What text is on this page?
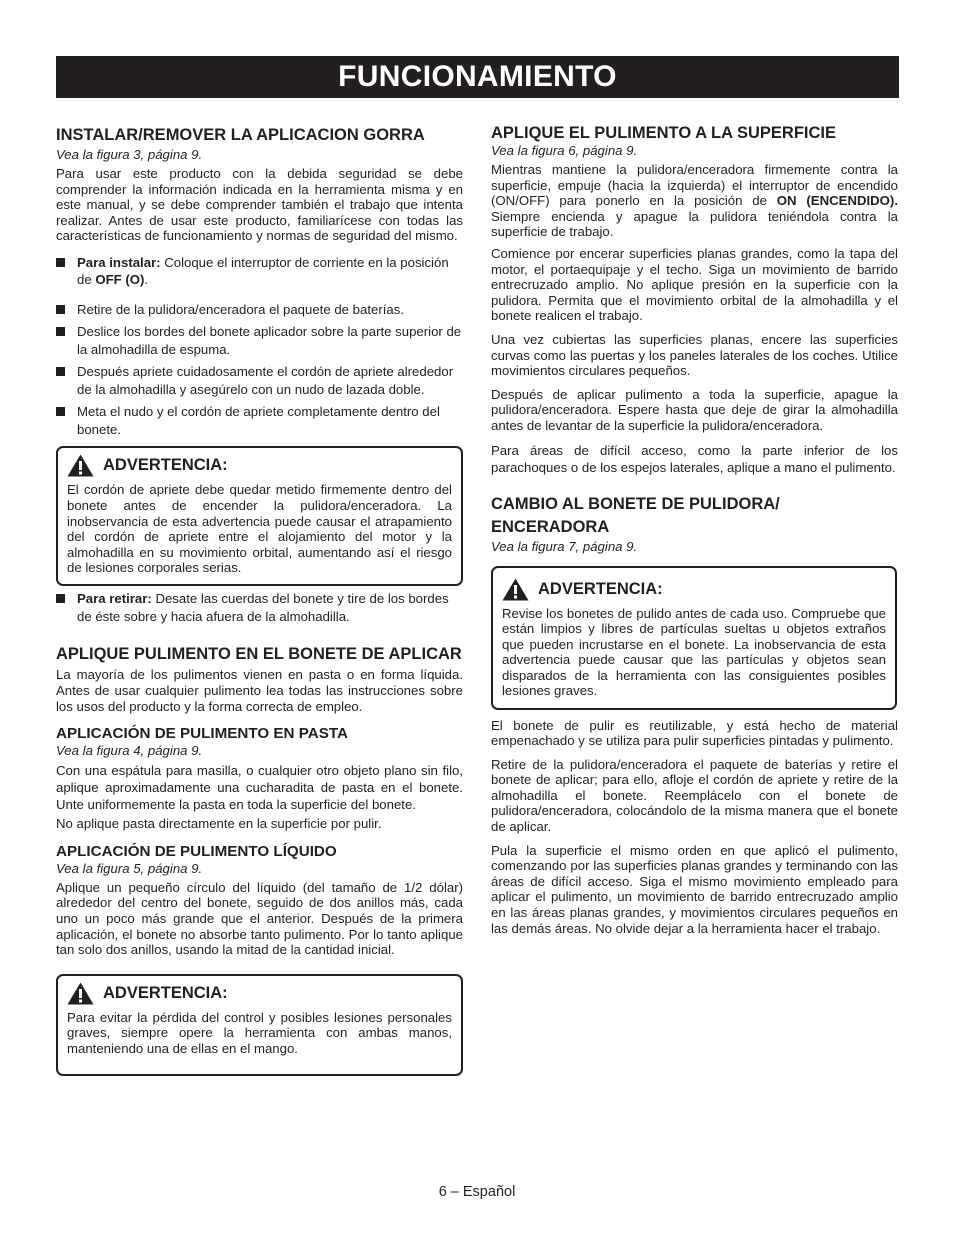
FUNCIONAMIENTO
INSTALAR/REMOVER LA APLICACION GORRA
Vea la figura 3, página 9.

Para usar este producto con la debida seguridad se debe comprender la información indicada en la herramienta misma y en este manual, y se debe comprender también el trabajo que intenta realizar. Antes de usar este producto, familiarícese con todas las características de funcionamiento y normas de seguridad del mismo.

Para instalar: Coloque el interruptor de corriente en la posición de OFF (O).
Retire de la pulidora/enceradora el paquete de baterías.
Deslice los bordes del bonete aplicador sobre la parte superior de la almohadilla de espuma.
Después apriete cuidadosamente el cordón de apriete alrededor de la almohadilla y asegúrelo con un nudo de lazada doble.
Meta el nudo y el cordón de apriete completamente dentro del bonete.
ADVERTENCIA:

El cordón de apriete debe quedar metido firmemente dentro del bonete antes de encender la pulidora/enceradora. La inobservancia de esta advertencia puede causar el atrapamiento del cordón de apriete entre el alojamiento del motor y la almohadilla en su movimiento orbital, aumentando así el riesgo de lesiones corporales serias.

Para retirar: Desate las cuerdas del bonete y tire de los bordes de éste sobre y hacia afuera de la almohadilla.
APLIQUE PULIMENTO EN EL BONETE DE APLICAR

La mayoría de los pulimentos vienen en pasta o en forma líquida. Antes de usar cualquier pulimento lea todas las instrucciones sobre los usos del producto y la forma correcta de empleo.

APLICACIÓN DE PULIMENTO EN PASTA
Vea la figura 4, página 9.

Con una espátula para masilla, o cualquier otro objeto plano sin filo, aplique aproximadamente una cucharadita de pasta en el bonete. Unte uniformemente la pasta en toda la superficie del bonete.

No aplique pasta directamente en la superficie por pulir.

APLICACIÓN DE PULIMENTO LÍQUIDO
Vea la figura 5, página 9.

Aplique un pequeño círculo del líquido (del tamaño de 1/2 dólar) alrededor del centro del bonete, seguido de dos anillos más, cada uno un poco más grande que el anterior. Después de la primera aplicación, el bonete no absorbe tanto pulimento. Por lo tanto aplique tan solo dos anillos, usando la mitad de la cantidad inicial.

ADVERTENCIA:

Para evitar la pérdida del control y posibles lesiones personales graves, siempre opere la herramienta con ambas manos, manteniendo una de ellas en el mango.

APLIQUE EL PULIMENTO A LA SUPERFICIE
Vea la figura 6, página 9.

Mientras mantiene la pulidora/enceradora firmemente contra la superficie, empuje (hacia la izquierda) el interruptor de encendido (ON/OFF) para ponerlo en la posición de ON (ENCENDIDO). Siempre encienda y apague la pulidora teniéndola contra la superficie de trabajo.

Comience por encerar superficies planas grandes, como la tapa del motor, el portaequipaje y el techo. Siga un movimiento de barrido entrecruzado amplio. No aplique presión en la superficie con la pulidora. Permita que el movimiento orbital de la almohadilla y el bonete realicen el trabajo.

Una vez cubiertas las superficies planas, encere las superficies curvas como las puertas y los paneles laterales de los coches. Utilice movimientos circulares pequeños.

Después de aplicar pulimento a toda la superficie, apague la pulidora/enceradora. Espere hasta que deje de girar la almohadilla antes de levantar de la superficie la pulidora/enceradora.

Para áreas de difícil acceso, como la parte inferior de los parachoques o de los espejos laterales, aplique a mano el pulimento.

CAMBIO AL BONETE DE PULIDORA/ ENCERADORA
Vea la figura 7, página 9.
ADVERTENCIA:

Revise los bonetes de pulido antes de cada uso. Compruebe que están limpios y libres de partículas sueltas u objetos extraños que pueden incrustarse en el bonete. La inobservancia de esta advertencia puede causar que las partículas y objetos sean disparados de la herramienta con las consiguientes posibles lesiones graves.

El bonete de pulir es reutilizable, y está hecho de material empenachado y se utiliza para pulir superficies pintadas y pulimento.

Retire de la pulidora/enceradora el paquete de baterías y retire el bonete de aplicar; para ello, afloje el cordón de apriete y retire de la almohadilla el bonete. Reemplácelo con el bonete de pulidora/enceradora, colocándolo de la misma manera que el bonete de aplicar.

Pula la superficie el mismo orden en que aplicó el pulimento, comenzando por las superficies planas grandes y terminando con las áreas de difícil acceso. Siga el mismo movimiento empleado para aplicar el pulimento, un movimiento de barrido entrecruzado amplio en las áreas planas grandes, y movimientos circulares pequeños en las demás áreas. No olvide dejar a la herramienta hacer el trabajo.

6 – Español
